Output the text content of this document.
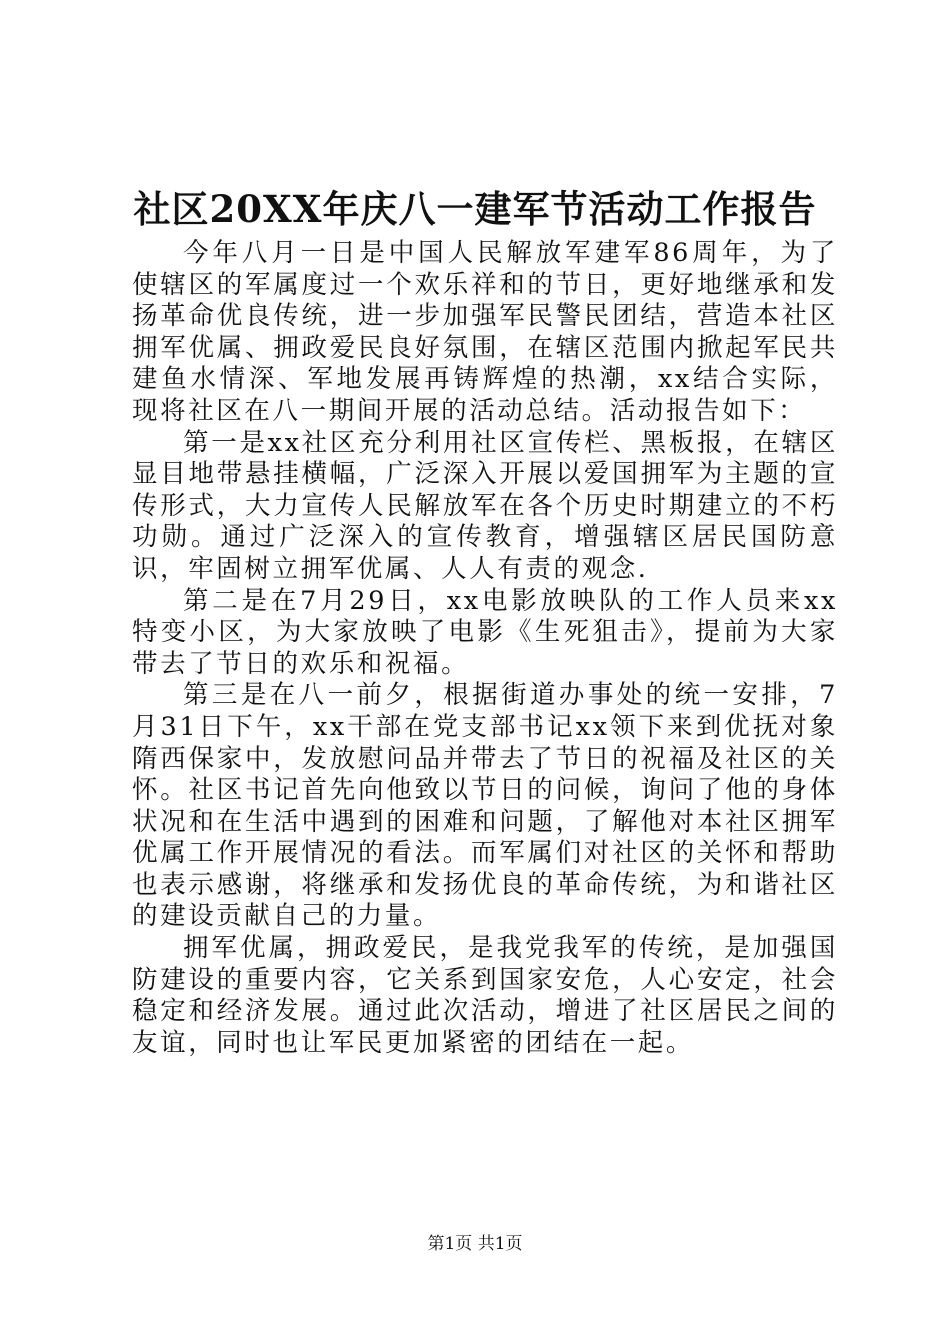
社区20XX年庆八一建军节活动工作报告

今年八月一日是中国人民解放军建军86周年，为了使辖区的军属度过一个欢乐祥和的节日，更好地继承和发扬革命优良传统，进一步加强军民警民团结，营造本社区拥军优属、拥政爱民良好氛围，在辖区范围内掀起军民共建鱼水情深、军地发展再铸辉煌的热潮，xx结合实际，现将社区在八一期间开展的活动总结。活动报告如下：

第一是xx社区充分利用社区宣传栏、黑板报，在辖区显目地带悬挂横幅，广泛深入开展以爱国拥军为主题的宣传形式，大力宣传人民解放军在各个历史时期建立的不朽功勋。通过广泛深入的宣传教育，增强辖区居民国防意识，牢固树立拥军优属、人人有责的观念.

第二是在7月29日，xx电影放映队的工作人员来xx特变小区，为大家放映了电影《生死狙击》，提前为大家带去了节日的欢乐和祝福。

第三是在八一前夕，根据街道办事处的统一安排，7月31日下午，xx干部在党支部书记xx领下来到优抚对象隋西保家中，发放慰问品并带去了节日的祝福及社区的关怀。社区书记首先向他致以节日的问候，询问了他的身体状况和在生活中遇到的困难和问题，了解他对本社区拥军优属工作开展情况的看法。而军属们对社区的关怀和帮助也表示感谢，将继承和发扬优良的革命传统，为和谐社区的建设贡献自己的力量。

拥军优属，拥政爱民，是我党我军的传统，是加强国防建设的重要内容，它关系到国家安危，人心安定，社会稳定和经济发展。通过此次活动，增进了社区居民之间的友谊，同时也让军民更加紧密的团结在一起。

第1页 共1页
